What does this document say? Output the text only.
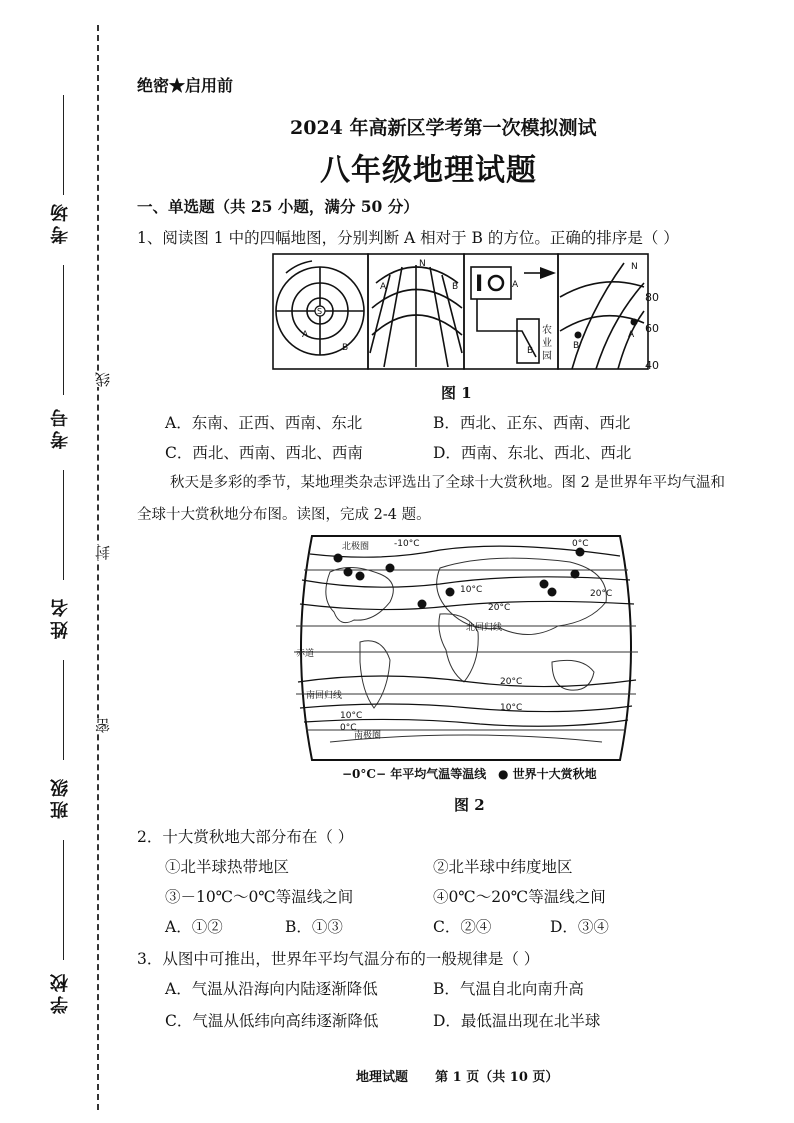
考场
考号
姓名
班级
学校
线
封
密
绝密★启用前
2024 年高新区学考第一次模拟测试
八年级地理试题
一、单选题（共 25 小题，满分 50 分）
1、阅读图 1 中的四幅地图，分别判断 A 相对于 B 的方位。正确的排序是（ ）
I
S
A
B
N
A	B	A
B
N
B
A
N
农
业
园
80
60
40
图 1
A．东南、正西、西南、东北	B．西北、正东、西南、西北
C．西北、西南、西北、西南	D．西南、东北、西北、西北
秋天是多彩的季节，某地理类杂志评选出了全球十大赏秋地。图 2 是世界年平均气温和
全球十大赏秋地分布图。读图，完成 2-4 题。
北极圈	-10°C	0°C
10°C
20°C
20°C
北回归线
赤道
南回归线
20°C
10°C
10°C
0°C
南极圈
−0°C− 年平均气温等温线 ● 世界十大赏秋地
图 2
2．十大赏秋地大部分布在（ ）
①北半球热带地区	②北半球中纬度地区
③－10℃～0℃等温线之间	④0℃～20℃等温线之间
A．①②	B．①③	C．②④	D．③④
3．从图中可推出，世界年平均气温分布的一般规律是（ ）
A．气温从沿海向内陆逐渐降低	B．气温自北向南升高
C．气温从低纬向高纬逐渐降低	D．最低温出现在北半球
地理试题      第 1 页（共 10 页）
